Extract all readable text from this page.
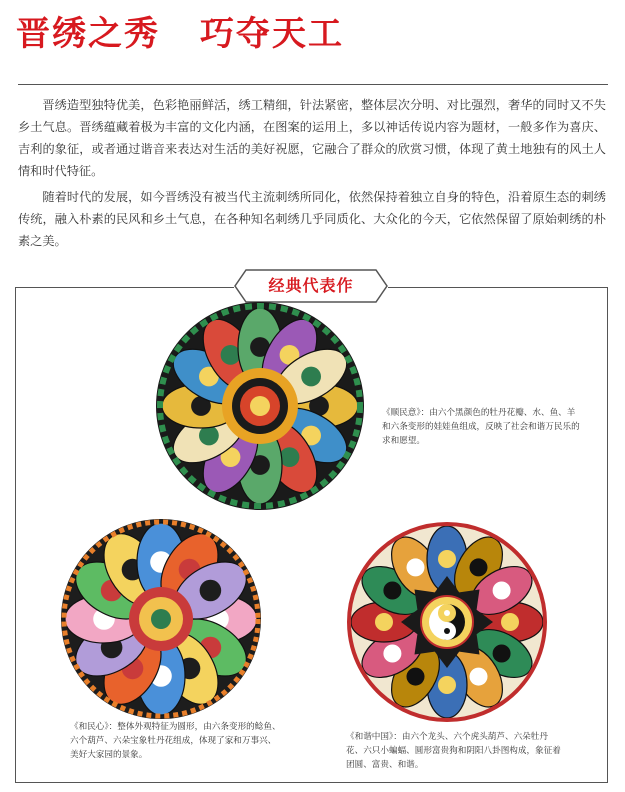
晋绣之秀 巧夺天工

晋绣造型独特优美，色彩艳丽鲜活，绣工精细，针法紧密，整体层次分明、对比强烈，奢华的同时又不失乡土气息。晋绣蕴藏着极为丰富的文化内涵，在图案的运用上，多以神话传说内容为题材，一般多作为喜庆、吉利的象征，或者通过谐音来表达对生活的美好祝愿，它融合了群众的欣赏习惯，体现了黄土地独有的风土人情和时代特征。

随着时代的发展，如今晋绣没有被当代主流刺绣所同化，依然保持着独立自身的特色，沿着原生态的刺绣传统，融入朴素的民风和乡土气息，在各种知名刺绣几乎同质化、大众化的今天，它依然保留了原始刺绣的朴素之美。

经典代表作
《顺民意》：由六个黑颜色的牡丹花瓣、水、鱼、羊和六条变形的娃娃鱼组成，反映了社会和谐万民乐的求和愿望。
《和民心》：整体外观特征为圆形，由六条变形的鲶鱼、六个葫芦、六朵宝象牡丹花组成，体现了家和万事兴、美好大家园的景象。
《和谐中国》：由六个龙头、六个虎头葫芦、六朵牡丹花、六只小蝙蝠、圆形富贵狗和阴阳八卦图构成，象征着团圆、富贵、和谐。
